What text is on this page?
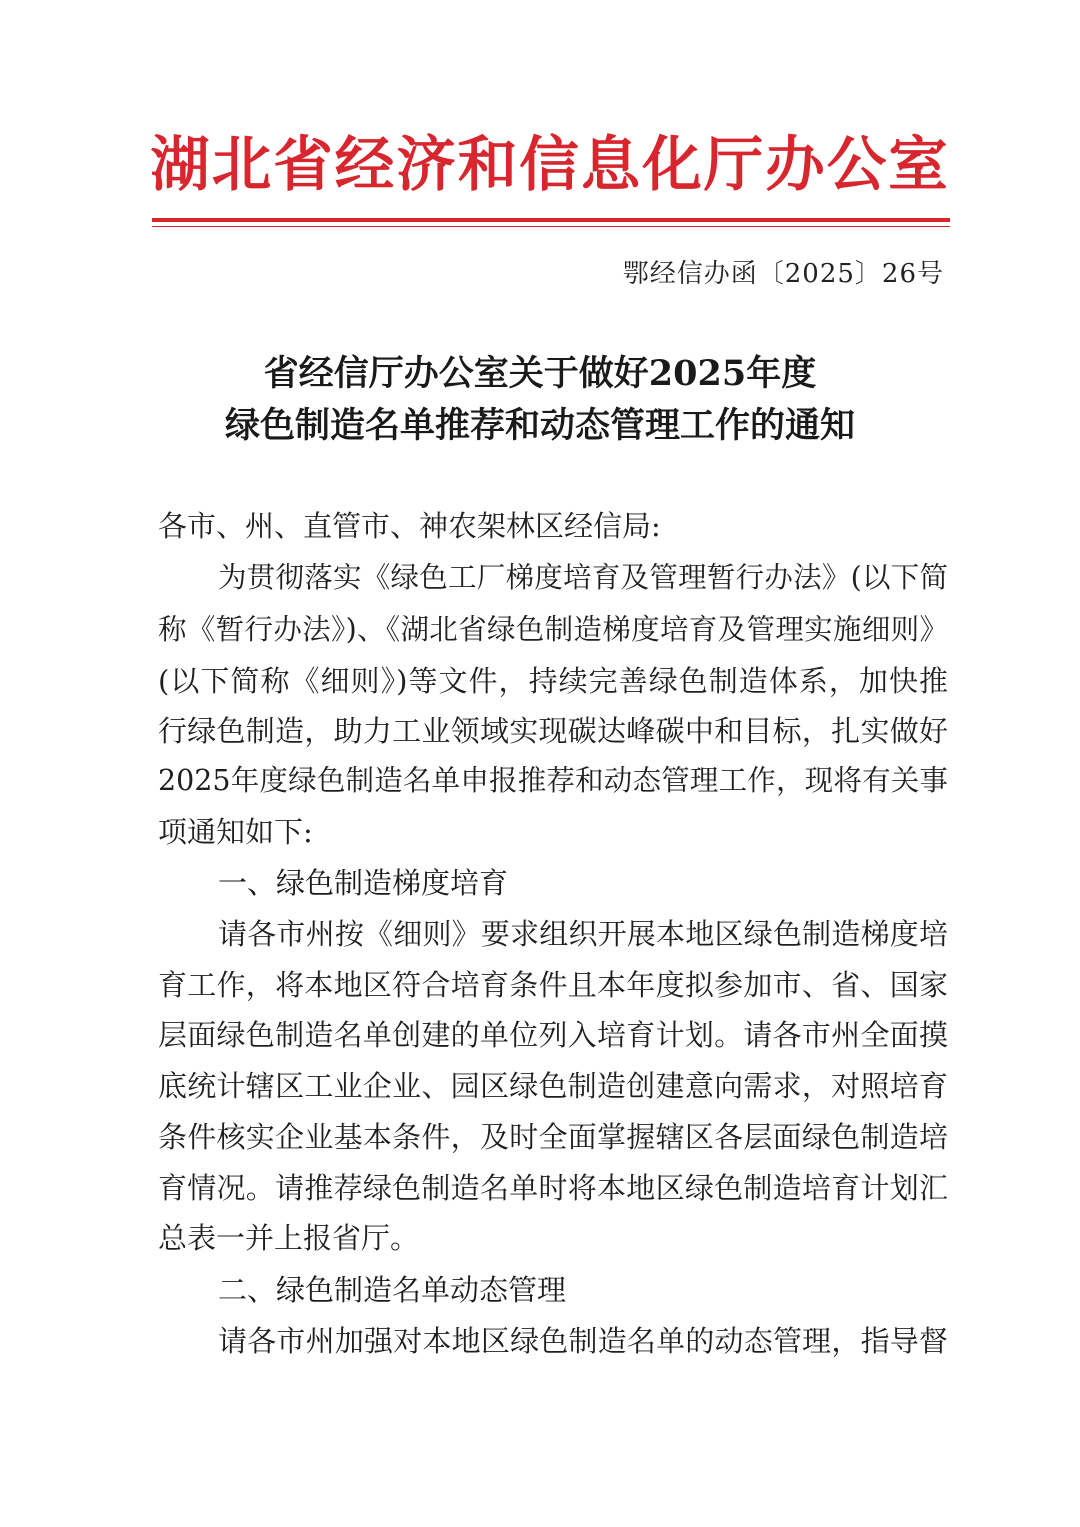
湖北省经济和信息化厅办公室
鄂经信办函〔2025〕26号
省经信厅办公室关于做好2025年度
绿色制造名单推荐和动态管理工作的通知
各市、州、直管市、神农架林区经信局:
为贯彻落实《绿色工厂梯度培育及管理暂行办法》(以下简
称《暂行办法》)、《湖北省绿色制造梯度培育及管理实施细则》
(以下简称《细则》)等文件，持续完善绿色制造体系，加快推
行绿色制造，助力工业领域实现碳达峰碳中和目标，扎实做好
2025年度绿色制造名单申报推荐和动态管理工作，现将有关事
项通知如下:
一、绿色制造梯度培育
请各市州按《细则》要求组织开展本地区绿色制造梯度培
育工作，将本地区符合培育条件且本年度拟参加市、省、国家
层面绿色制造名单创建的单位列入培育计划。请各市州全面摸
底统计辖区工业企业、园区绿色制造创建意向需求，对照培育
条件核实企业基本条件，及时全面掌握辖区各层面绿色制造培
育情况。请推荐绿色制造名单时将本地区绿色制造培育计划汇
总表一并上报省厅。
二、绿色制造名单动态管理
请各市州加强对本地区绿色制造名单的动态管理，指导督
